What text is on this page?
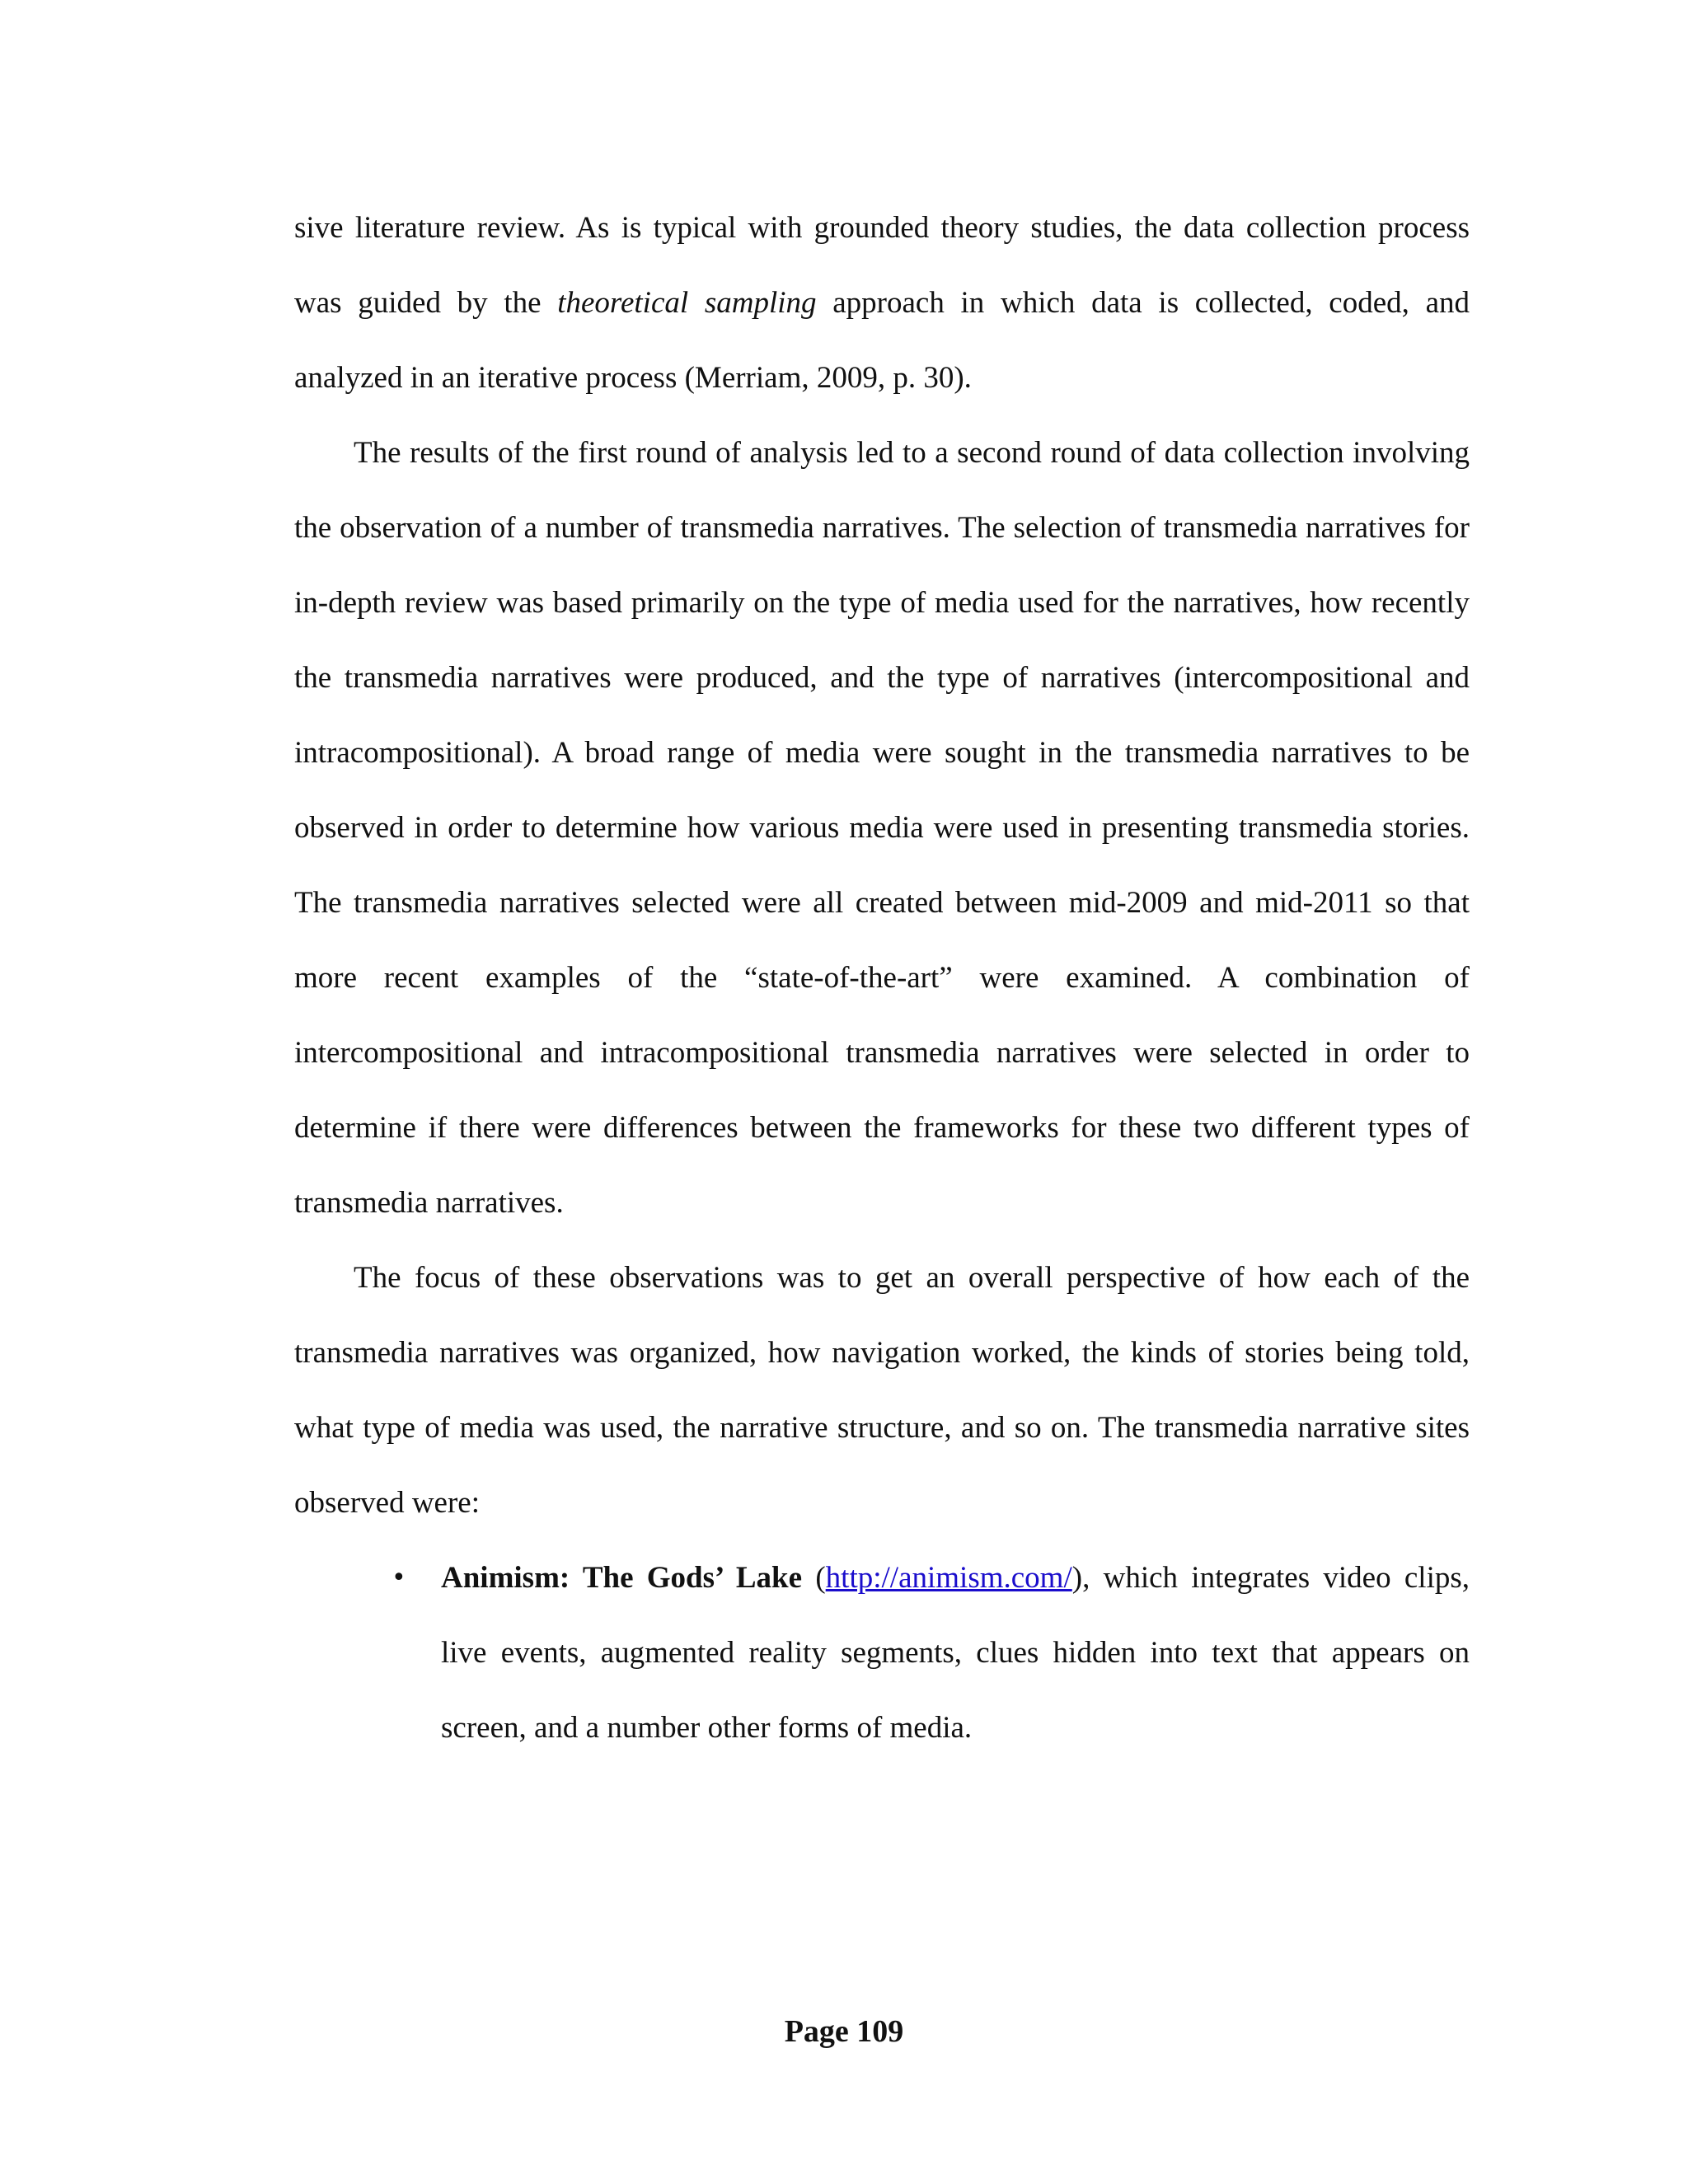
sive literature review. As is typical with grounded theory studies, the data collection process was guided by the theoretical sampling approach in which data is collected, coded, and analyzed in an iterative process (Merriam, 2009, p. 30).

The results of the first round of analysis led to a second round of data collection involving the observation of a number of transmedia narratives. The selection of transmedia narratives for in-depth review was based primarily on the type of media used for the narratives, how recently the transmedia narratives were produced, and the type of narratives (intercompositional and intracompositional). A broad range of media were sought in the transmedia narratives to be observed in order to determine how various media were used in presenting transmedia stories. The transmedia narratives selected were all created between mid-2009 and mid-2011 so that more recent examples of the “state-of-the-art” were examined. A combination of intercompositional and intracompositional transmedia narratives were selected in order to determine if there were differences between the frameworks for these two different types of transmedia narratives.

The focus of these observations was to get an overall perspective of how each of the transmedia narratives was organized, how navigation worked, the kinds of stories being told, what type of media was used, the narrative structure, and so on. The transmedia narrative sites observed were:

• Animism: The Gods’ Lake (http://animism.com/), which integrates video clips, live events, augmented reality segments, clues hidden into text that appears on screen, and a number other forms of media.
Page 109
